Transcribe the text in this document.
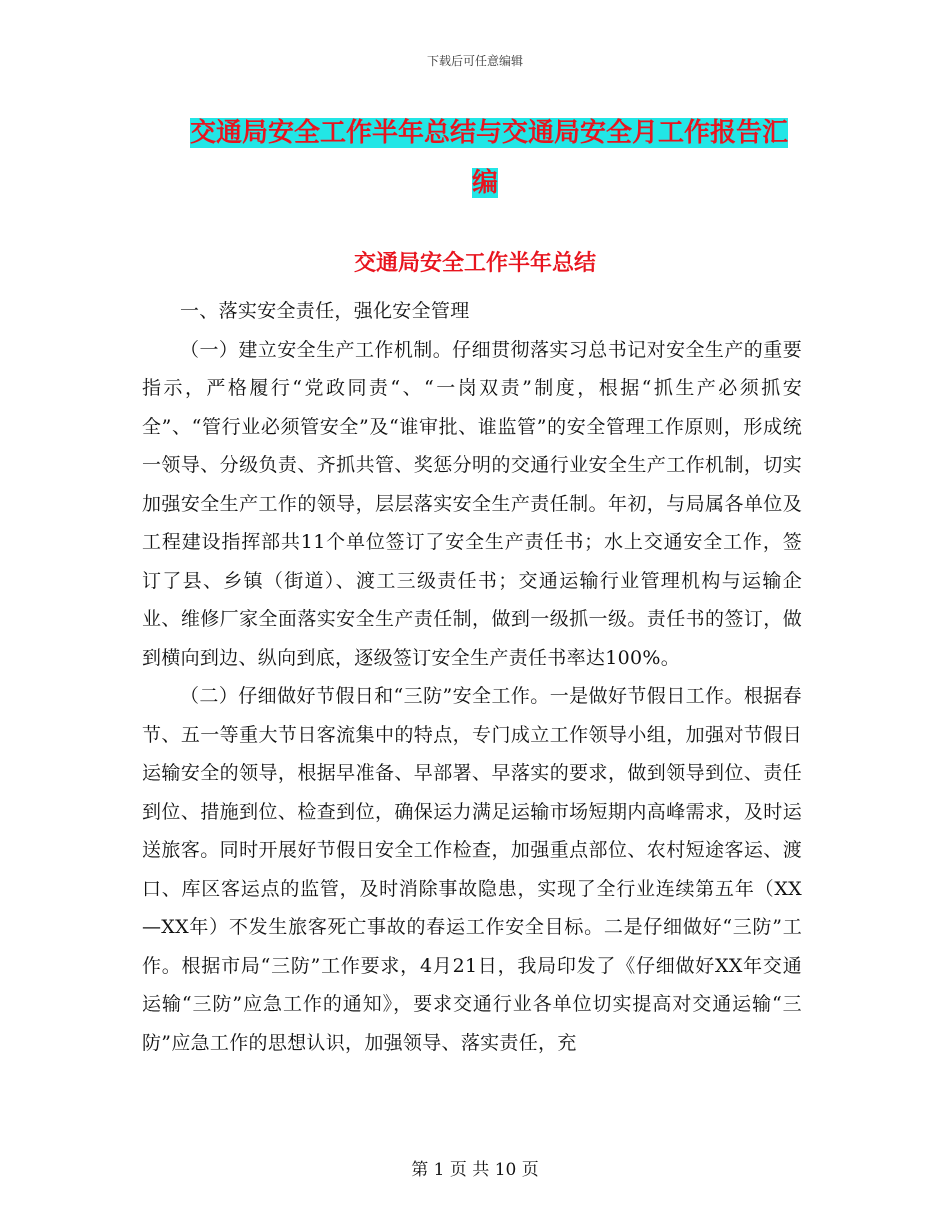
下载后可任意编辑
交通局安全工作半年总结与交通局安全月工作报告汇
编
交通局安全工作半年总结

一、落实安全责任，强化安全管理

（一）建立安全生产工作机制。仔细贯彻落实习总书记对安全生产的重要指示，严格履行“党政同责“、“一岗双责”制度，根据“抓生产必须抓安全”、“管行业必须管安全”及“谁审批、谁监管”的安全管理工作原则，形成统一领导、分级负责、齐抓共管、奖惩分明的交通行业安全生产工作机制，切实加强安全生产工作的领导，层层落实安全生产责任制。年初，与局属各单位及工程建设指挥部共11个单位签订了安全生产责任书；水上交通安全工作，签订了县、乡镇（街道）、渡工三级责任书；交通运输行业管理机构与运输企业、维修厂家全面落实安全生产责任制，做到一级抓一级。责任书的签订，做到横向到边、纵向到底，逐级签订安全生产责任书率达100%。

（二）仔细做好节假日和“三防”安全工作。一是做好节假日工作。根据春节、五一等重大节日客流集中的特点，专门成立工作领导小组，加强对节假日运输安全的领导，根据早准备、早部署、早落实的要求，做到领导到位、责任到位、措施到位、检查到位，确保运力满足运输市场短期内高峰需求，及时运送旅客。同时开展好节假日安全工作检查，加强重点部位、农村短途客运、渡口、库区客运点的监管，及时消除事故隐患，实现了全行业连续第五年（XX—XX年）不发生旅客死亡事故的春运工作安全目标。二是仔细做好“三防”工作。根据市局“三防”工作要求，4月21日，我局印发了《仔细做好XX年交通运输“三防”应急工作的通知》，要求交通行业各单位切实提高对交通运输“三防”应急工作的思想认识，加强领导、落实责任，充

第 1 页 共 10 页
